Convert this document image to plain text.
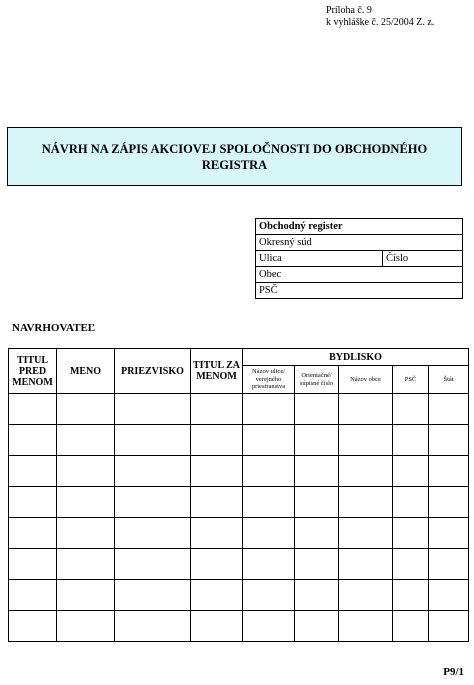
Príloha č. 9
k vyhláške č. 25/2004 Z. z.
NÁVRH NA ZÁPIS AKCIOVEJ SPOLOČNOSTI DO OBCHODNÉHO REGISTRA
Obchodný register
Okresný súd
Ulica	Číslo
Obec
PSČ
NAVRHOVATEĽ
TITUL PRED MENOM	MENO	PRIEZVISKO	TITUL ZA MENOM	BYDLISKO				
				Názov ulice/ verejného priestranstva	Orientačné/ súpisné číslo	Názov obce	PSČ	Štát

P9/1
